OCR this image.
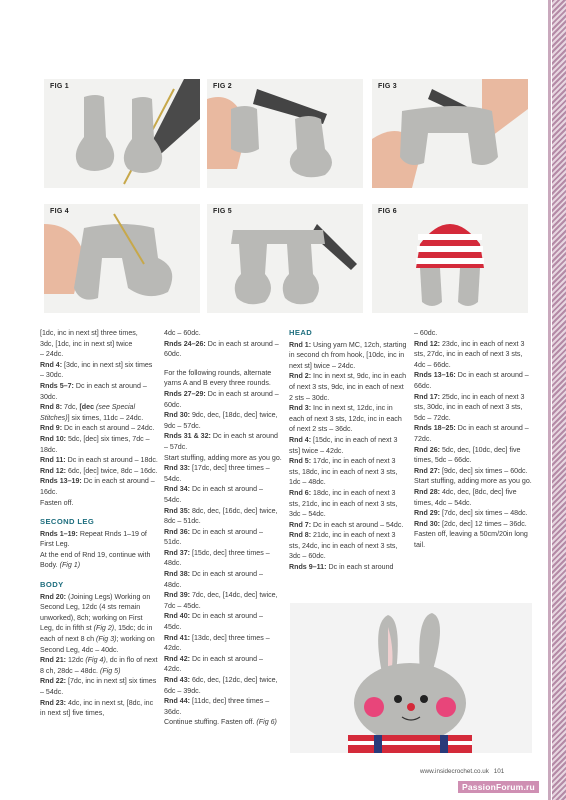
FIG 1	FIG 2	FIG 3
FIG 4	FIG 5	FIG 6

[1dc, inc in next st] three times,

3dc, [1dc, inc in next st] twice

– 24dc.

Rnd 4: [3dc, inc in next st] six times – 30dc.

Rnds 5–7: Dc in each st around – 30dc.

Rnd 8: 7dc, [dec (see Special Stitches)] six times, 11dc – 24dc.

Rnd 9: Dc in each st around – 24dc.

Rnd 10: 5dc, [dec] six times, 7dc – 18dc.

Rnd 11: Dc in each st around – 18dc.

Rnd 12: 6dc, [dec] twice, 8dc – 16dc.

Rnds 13–19: Dc in each st around – 16dc.

Fasten off.

SECOND LEG

Rnds 1–19: Repeat Rnds 1–19 of First Leg.

At the end of Rnd 19, continue with Body. (Fig 1)

BODY

Rnd 20: (Joining Legs) Working on Second Leg, 12dc (4 sts remain unworked), 8ch; working on First Leg, dc in fifth st (Fig 2), 15dc; dc in each of next 8 ch (Fig 3); working on Second Leg, 4dc – 40dc.

Rnd 21: 12dc (Fig 4), dc in flo of next 8 ch, 28dc – 48dc. (Fig 5)

Rnd 22: [7dc, inc in next st] six times – 54dc.

Rnd 23: 4dc, inc in next st, [8dc, inc in next st] five times,

4dc – 60dc.

Rnds 24–26: Dc in each st around – 60dc.

For the following rounds, alternate yarns A and B every three rounds.

Rnds 27–29: Dc in each st around – 60dc.

Rnd 30: 9dc, dec, [18dc, dec] twice, 9dc – 57dc.

Rnds 31 & 32: Dc in each st around – 57dc.

Start stuffing, adding more as you go.

Rnd 33: [17dc, dec] three times – 54dc.

Rnd 34: Dc in each st around – 54dc.

Rnd 35: 8dc, dec, [16dc, dec] twice, 8dc – 51dc.

Rnd 36: Dc in each st around – 51dc.

Rnd 37: [15dc, dec] three times – 48dc.

Rnd 38: Dc in each st around – 48dc.

Rnd 39: 7dc, dec, [14dc, dec] twice, 7dc – 45dc.

Rnd 40: Dc in each st around – 45dc.

Rnd 41: [13dc, dec] three times – 42dc.

Rnd 42: Dc in each st around – 42dc.

Rnd 43: 6dc, dec, [12dc, dec] twice, 6dc – 39dc.

Rnd 44: [11dc, dec] three times – 36dc.

Continue stuffing. Fasten off. (Fig 6)

HEAD

Rnd 1: Using yarn MC, 12ch, starting in second ch from hook, [10dc, inc in next st] twice – 24dc.

Rnd 2: Inc in next st, 9dc, inc in each of next 3 sts, 9dc, inc in each of next 2 sts – 30dc.

Rnd 3: Inc in next st, 12dc, inc in each of next 3 sts, 12dc, inc in each of next 2 sts – 36dc.

Rnd 4: [15dc, inc in each of next 3 sts] twice – 42dc.

Rnd 5: 17dc, inc in each of next 3 sts, 18dc, inc in each of next 3 sts, 1dc – 48dc.

Rnd 6: 18dc, inc in each of next 3 sts, 21dc, inc in each of next 3 sts, 3dc – 54dc.

Rnd 7: Dc in each st around – 54dc.

Rnd 8: 21dc, inc in each of next 3 sts, 24dc, inc in each of next 3 sts, 3dc – 60dc.

Rnds 9–11: Dc in each st around

– 60dc.

Rnd 12: 23dc, inc in each of next 3 sts, 27dc, inc in each of next 3 sts, 4dc – 66dc.

Rnds 13–16: Dc in each st around – 66dc.

Rnd 17: 25dc, inc in each of next 3 sts, 30dc, inc in each of next 3 sts, 5dc – 72dc.

Rnds 18–25: Dc in each st around – 72dc.

Rnd 26: 5dc, dec, [10dc, dec] five times, 5dc – 66dc.

Rnd 27: [9dc, dec] six times – 60dc.

Start stuffing, adding more as you go.

Rnd 28: 4dc, dec, [8dc, dec] five times, 4dc – 54dc.

Rnd 29: [7dc, dec] six times – 48dc.

Rnd 30: [2dc, dec] 12 times – 36dc.

Fasten off, leaving a 50cm/20in long tail.

www.insidecrochet.co.uk 101
PassionForum.ru
